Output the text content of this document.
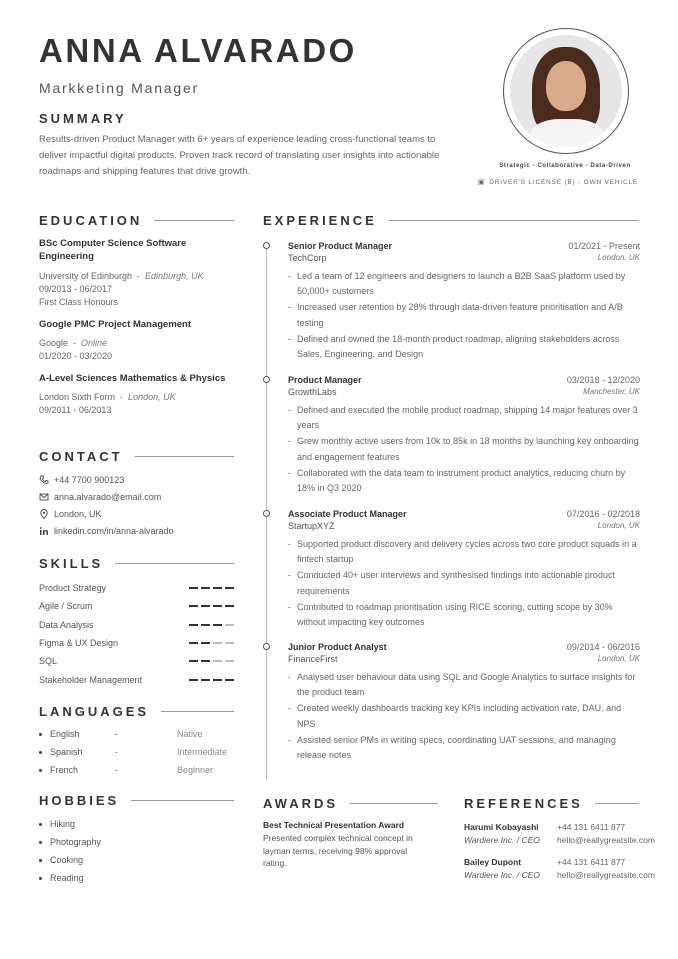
ANNA ALVARADO
Markketing Manager
SUMMARY
Results-driven Product Manager with 6+ years of experience leading cross-functional teams to deliver impactful digital products. Proven track record of translating user insights into actionable roadmaps and shipping features that drive growth.	Strategic - Collaborative - Data-Driven
▣ DRIVER'S LICENSE (B) - OWN VEHICLE
EDUCATION
BSc Computer Science Software Engineering
University of Edinburgh  -  Edinburgh, UK
09/2013 - 06/2017
First Class Honours
Google PMC Project Management
Google  -  Online
01/2020 - 03/2020
A-Level Sciences Mathematics & Physics
London Sixth Form  -  London, UK
09/2011 - 06/2013
CONTACT
+44 7700 900123
anna.alvarado@email.com
London, UK
linkedin.com/in/anna-alvarado
SKILLS
Product Strategy
Agile / Scrum
Data Analysis
Figma & UX Design
SQL
Stakeholder Management
LANGUAGES
English	-	Native
Spanish	-	Intermediate
French	-	Beginner
HOBBIES
Hiking
Photography
Cooking
Reading
EXPERIENCE
Senior Product Manager	01/2021 - Present
TechCorp	London, UK
- Led a team of 12 engineers and designers to launch a B2B SaaS platform used by 50,000+ customers
- Increased user retention by 28% through data-driven feature prioritisation and A/B testing
- Defined and owned the 18-month product roadmap, aligning stakeholders across Sales, Engineering, and Design
Product Manager	03/2018 - 12/2020
GrowthLabs	Manchester, UK
- Defined and executed the mobile product roadmap, shipping 14 major features over 3 years
- Grew monthly active users from 10k to 85k in 18 months by launching key onboarding and engagement features
- Collaborated with the data team to instrument product analytics, reducing churn by 18% in Q3 2020
Associate Product Manager	07/2016 - 02/2018
StartupXYZ	London, UK
- Supported product discovery and delivery cycles across two core product squads in a fintech startup
- Conducted 40+ user interviews and synthesised findings into actionable product requirements
- Contributed to roadmap prioritisation using RICE scoring, cutting scope by 30% without impacting key outcomes
Junior Product Analyst	09/2014 - 06/2016
FinanceFirst	London, UK
- Analysed user behaviour data using SQL and Google Analytics to surface insights for the product team
- Created weekly dashboards tracking key KPIs including activation rate, DAU, and NPS
- Assisted senior PMs in writing specs, coordinating UAT sessions, and managing release notes
AWARDS
Best Technical Presentation Award
Presented complex technical concept in layman terms, receiving 98% approval rating.
REFERENCES
Harumi Kobayashi	+44 131 6411 877
Wardiere Inc. / CEO	hello@reallygreatsite.com
Bailey Dupont	+44 131 6411 877
Wardiere Inc. / CEO	hello@reallygreatsite.com
